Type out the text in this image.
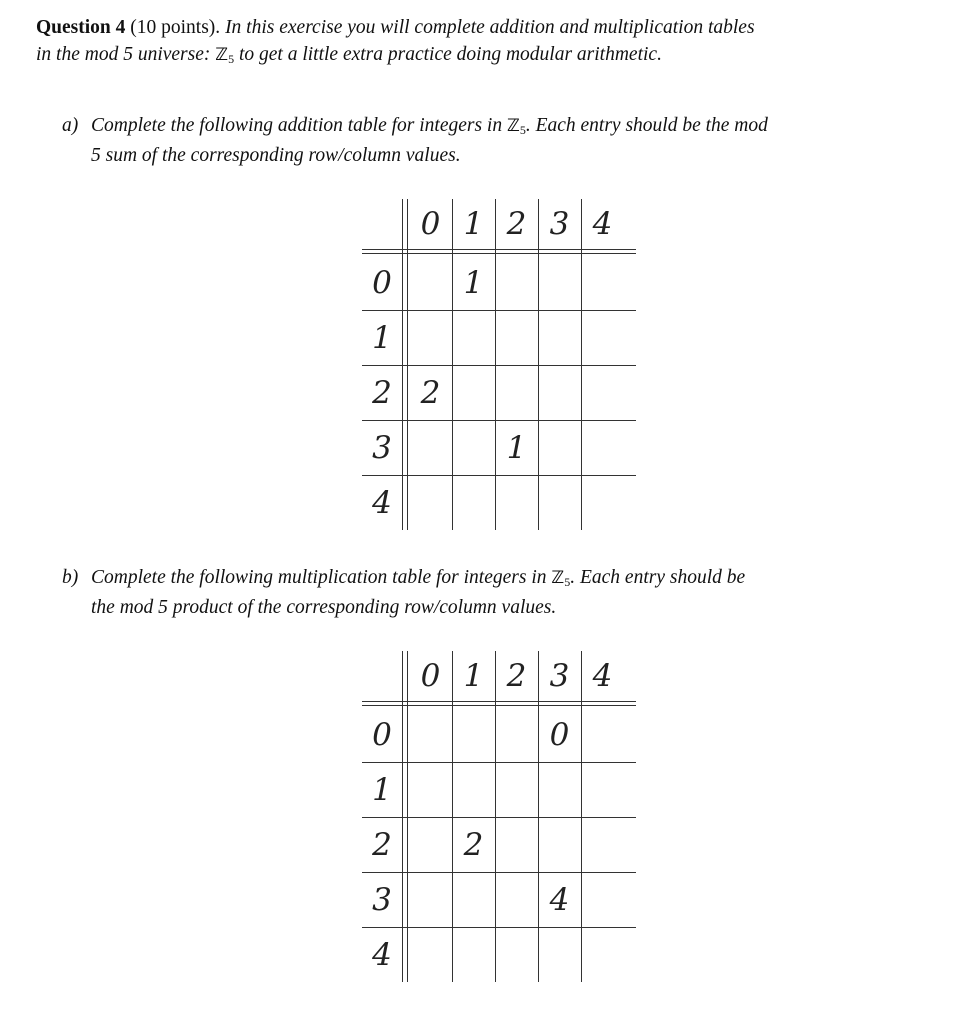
Question 4 (10 points). In this exercise you will complete addition and multiplication tables
in the mod 5 universe: ℤ$_5$ to get a little extra practice doing modular arithmetic.
a) Complete the following addition table for integers in ℤ$_5$. Each entry should be the mod
5 sum of the corresponding row/column values.
0 1 2 3 4
0
1
2
3
4
1
2
1
b) Complete the following multiplication table for integers in ℤ$_5$. Each entry should be
the mod 5 product of the corresponding row/column values.
0 1 2 3 4
0
1
2
3
4
0
2
4
